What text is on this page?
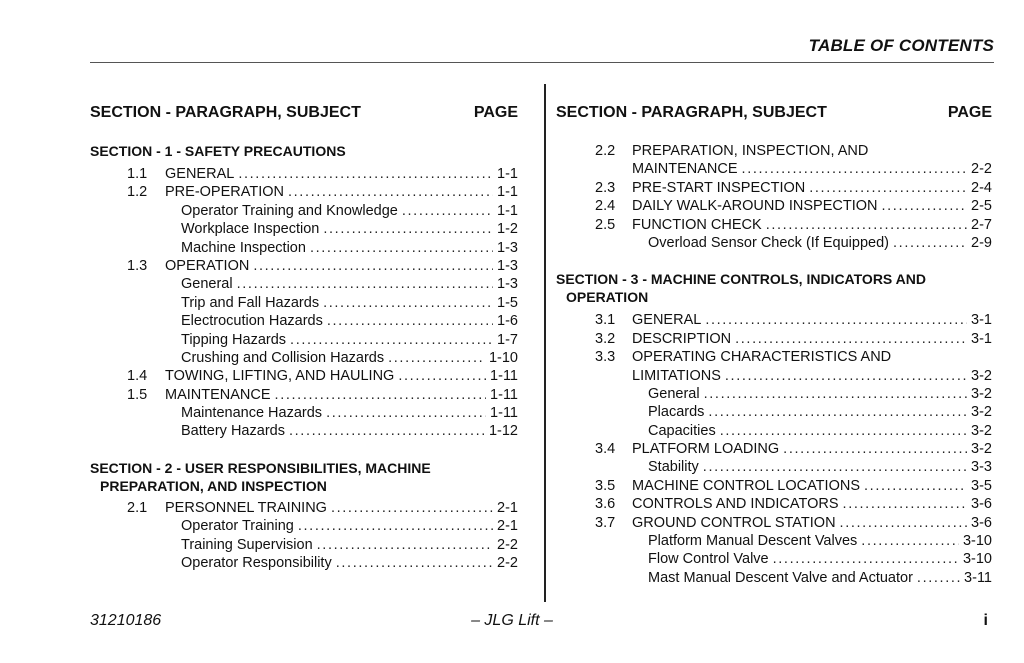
TABLE OF CONTENTS
SECTION - PARAGRAPH, SUBJECT	PAGE
SECTION - 1 - SAFETY PRECAUTIONS
1.1 GENERAL . . .	1-1
1.2 PRE-OPERATION . . .	1-1
Operator Training and Knowledge . . .	1-1
Workplace Inspection . . .	1-2
Machine Inspection . . .	1-3
1.3 OPERATION . . .	1-3
General . . .	1-3
Trip and Fall Hazards . . .	1-5
Electrocution Hazards . . .	1-6
Tipping Hazards . . .	1-7
Crushing and Collision Hazards . . .	1-10
1.4 TOWING, LIFTING, AND HAULING . . .	1-11
1.5 MAINTENANCE . . .	1-11
Maintenance Hazards . . .	1-11
Battery Hazards . . .	1-12
SECTION - 2 - USER RESPONSIBILITIES, MACHINE
PREPARATION, AND INSPECTION
2.1 PERSONNEL TRAINING . . .	2-1
Operator Training . . .	2-1
Training Supervision . . .	2-2
Operator Responsibility . . .	2-2
SECTION - PARAGRAPH, SUBJECT	PAGE
2.2 PREPARATION, INSPECTION, AND
MAINTENANCE . . .	2-2
2.3 PRE-START INSPECTION . . .	2-4
2.4 DAILY WALK-AROUND INSPECTION . . .	2-5
2.5 FUNCTION CHECK . . .	2-7
Overload Sensor Check (If Equipped) . . .	2-9
SECTION - 3 - MACHINE CONTROLS, INDICATORS AND
OPERATION
3.1 GENERAL . . .	3-1
3.2 DESCRIPTION . . .	3-1
3.3 OPERATING CHARACTERISTICS AND
LIMITATIONS . . .	3-2
General . . .	3-2
Placards . . .	3-2
Capacities . . .	3-2
3.4 PLATFORM LOADING . . .	3-2
Stability . . .	3-3
3.5 MACHINE CONTROL LOCATIONS . . .	3-5
3.6 CONTROLS AND INDICATORS . . .	3-6
3.7 GROUND CONTROL STATION . . .	3-6
Platform Manual Descent Valves . . .	3-10
Flow Control Valve . . .	3-10
Mast Manual Descent Valve and Actuator . . .	3-11
31210186	– JLG Lift –	i
